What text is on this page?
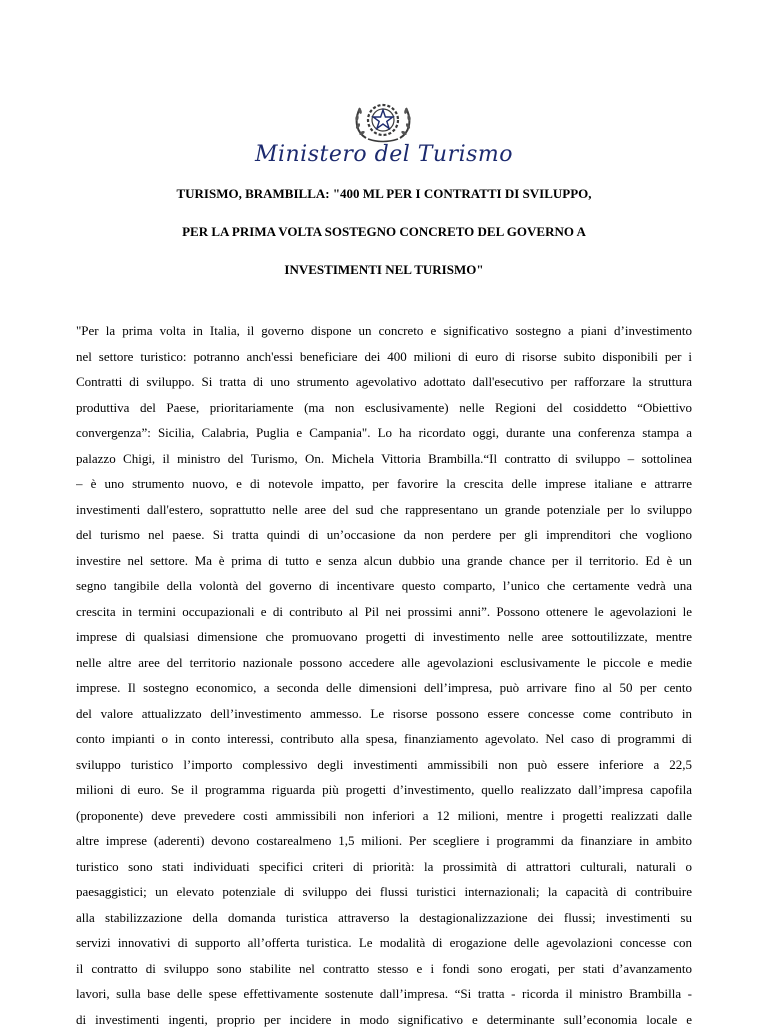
Ministero del Turismo
TURISMO, BRAMBILLA: "400 ML PER I CONTRATTI DI SVILUPPO,
PER LA PRIMA VOLTA SOSTEGNO CONCRETO DEL GOVERNO A
INVESTIMENTI NEL TURISMO"
"Per la prima volta in Italia, il governo dispone un concreto e significativo sostegno a piani d’investimento
nel settore turistico: potranno anch'essi beneficiare dei 400 milioni di euro di risorse subito disponibili per i
Contratti di sviluppo. Si tratta di uno strumento agevolativo adottato dall'esecutivo per rafforzare la struttura
produttiva del Paese, prioritariamente (ma non esclusivamente) nelle Regioni del cosiddetto “Obiettivo
convergenza”: Sicilia, Calabria, Puglia e Campania". Lo ha ricordato oggi, durante una conferenza stampa a
palazzo Chigi, il ministro del Turismo, On. Michela Vittoria Brambilla.“Il contratto di sviluppo – sottolinea
– è uno strumento nuovo, e di notevole impatto, per favorire la crescita delle imprese italiane e attrarre
investimenti dall'estero, soprattutto nelle aree del sud che rappresentano un grande potenziale per lo sviluppo
del turismo nel paese. Si tratta quindi di un’occasione da non perdere per gli imprenditori che vogliono
investire nel settore. Ma è prima di tutto e senza alcun dubbio una grande chance per il territorio. Ed è un
segno tangibile della volontà del governo di incentivare questo comparto, l’unico che certamente vedrà una
crescita in termini occupazionali e di contributo al Pil nei prossimi anni”. Possono ottenere le agevolazioni le
imprese di qualsiasi dimensione che promuovano progetti di investimento nelle aree sottoutilizzate, mentre
nelle altre aree del territorio nazionale possono accedere alle agevolazioni esclusivamente le piccole e medie
imprese. Il sostegno economico, a seconda delle dimensioni dell’impresa, può arrivare fino al 50 per cento
del valore attualizzato dell’investimento ammesso. Le risorse possono essere concesse come contributo in
conto impianti o in conto interessi, contributo alla spesa, finanziamento agevolato. Nel caso di programmi di
sviluppo turistico l’importo complessivo degli investimenti ammissibili non può essere inferiore a 22,5
milioni di euro. Se il programma riguarda più progetti d’investimento, quello realizzato dall’impresa capofila
(proponente) deve prevedere costi ammissibili non inferiori a 12 milioni, mentre i progetti realizzati dalle
altre imprese (aderenti) devono costarealmeno 1,5 milioni. Per scegliere i programmi da finanziare in ambito
turistico sono stati individuati specifici criteri di priorità: la prossimità di attrattori culturali, naturali o
paesaggistici; un elevato potenziale di sviluppo dei flussi turistici internazionali; la capacità di contribuire
alla stabilizzazione della domanda turistica attraverso la destagionalizzazione dei flussi; investimenti su
servizi innovativi di supporto all’offerta turistica. Le modalità di erogazione delle agevolazioni concesse con
il contratto di sviluppo sono stabilite nel contratto stesso e i fondi sono erogati, per stati d’avanzamento
lavori, sulla base delle spese effettivamente sostenute dall’impresa. “Si tratta - ricorda il ministro Brambilla -
di investimenti ingenti, proprio per incidere in modo significativo e determinante sull’economia locale e
